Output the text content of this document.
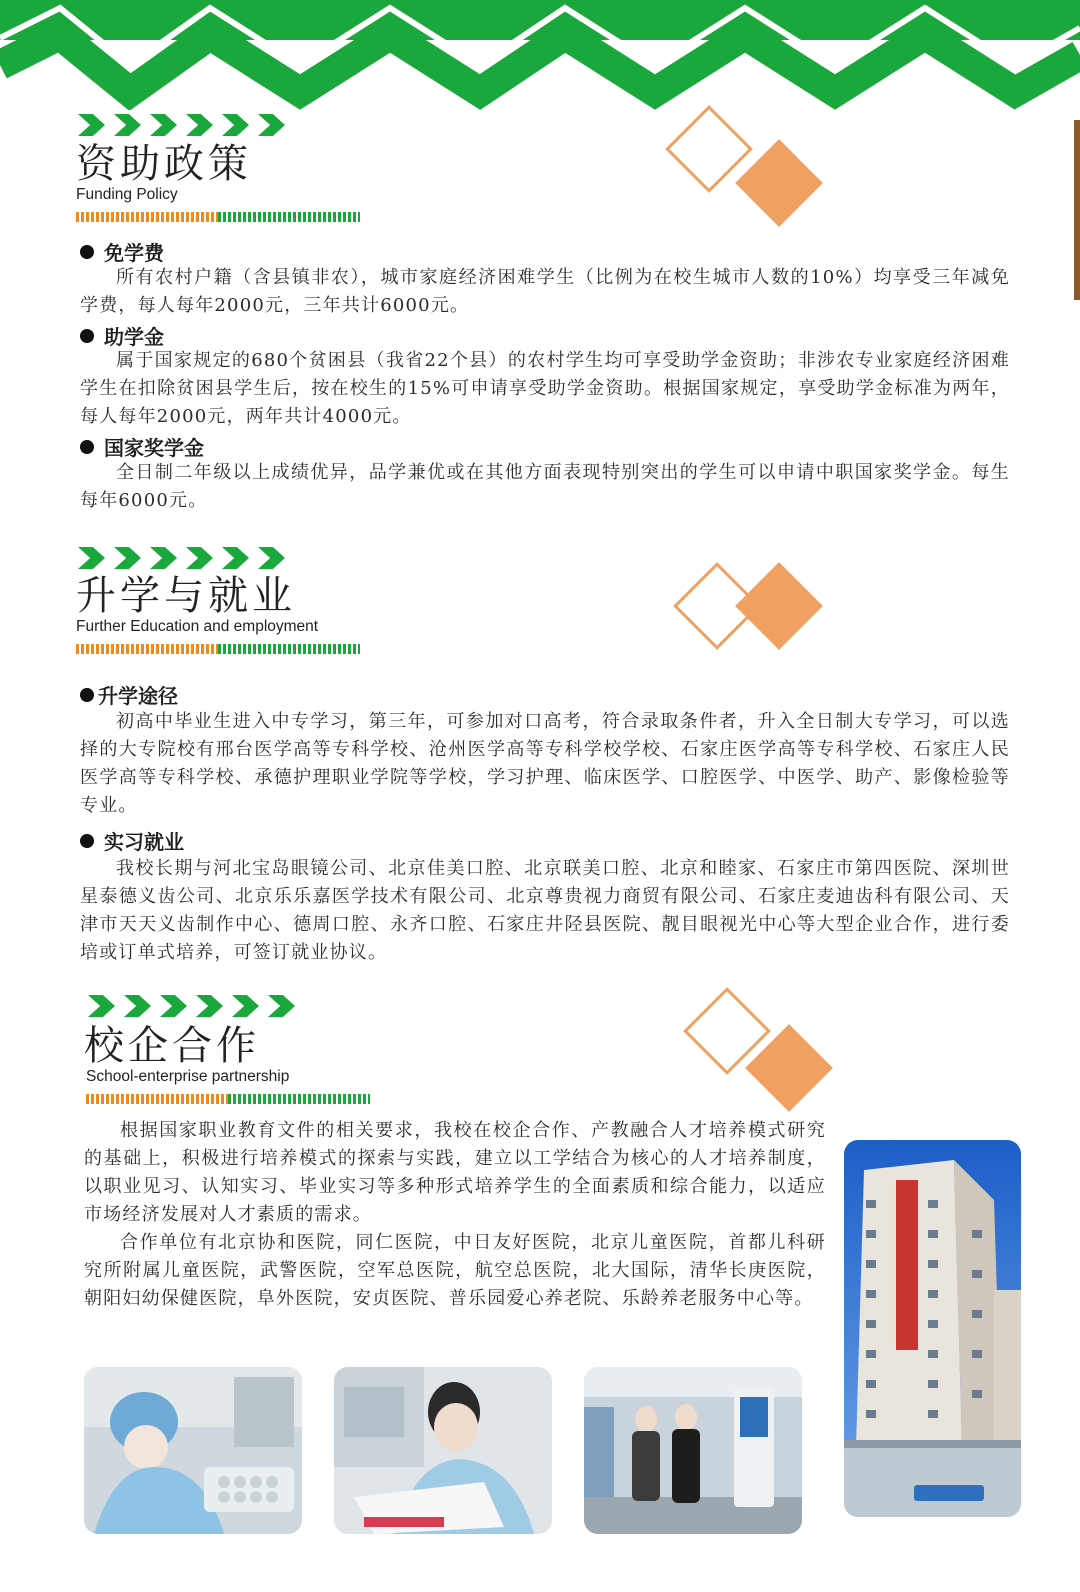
资助政策
Funding Policy
免学费

所有农村户籍（含县镇非农），城市家庭经济困难学生（比例为在校生城市人数的10%）均享受三年减免学费，每人每年2000元，三年共计6000元。

助学金

属于国家规定的680个贫困县（我省22个县）的农村学生均可享受助学金资助；非涉农专业家庭经济困难学生在扣除贫困县学生后，按在校生的15%可申请享受助学金资助。根据国家规定，享受助学金标准为两年，每人每年2000元，两年共计4000元。

国家奖学金

全日制二年级以上成绩优异，品学兼优或在其他方面表现特别突出的学生可以申请中职国家奖学金。每生每年6000元。

升学与就业
Further Education and employment
升学途径

初高中毕业生进入中专学习，第三年，可参加对口高考，符合录取条件者，升入全日制大专学习，可以选择的大专院校有邢台医学高等专科学校、沧州医学高等专科学校学校、石家庄医学高等专科学校、石家庄人民医学高等专科学校、承德护理职业学院等学校，学习护理、临床医学、口腔医学、中医学、助产、影像检验等专业。

实习就业

我校长期与河北宝岛眼镜公司、北京佳美口腔、北京联美口腔、北京和睦家、石家庄市第四医院、深圳世星泰德义齿公司、北京乐乐嘉医学技术有限公司、北京尊贵视力商贸有限公司、石家庄麦迪齿科有限公司、天津市天天义齿制作中心、德周口腔、永齐口腔、石家庄井陉县医院、靓目眼视光中心等大型企业合作，进行委培或订单式培养，可签订就业协议。

校企合作
School-enterprise partnership

根据国家职业教育文件的相关要求，我校在校企合作、产教融合人才培养模式研究的基础上，积极进行培养模式的探索与实践，建立以工学结合为核心的人才培养制度，以职业见习、认知实习、毕业实习等多种形式培养学生的全面素质和综合能力，以适应市场经济发展对人才素质的需求。

合作单位有北京协和医院，同仁医院，中日友好医院，北京儿童医院，首都儿科研究所附属儿童医院，武警医院，空军总医院，航空总医院，北大国际，清华长庚医院，朝阳妇幼保健医院，阜外医院，安贞医院、普乐园爱心养老院、乐龄养老服务中心等。
